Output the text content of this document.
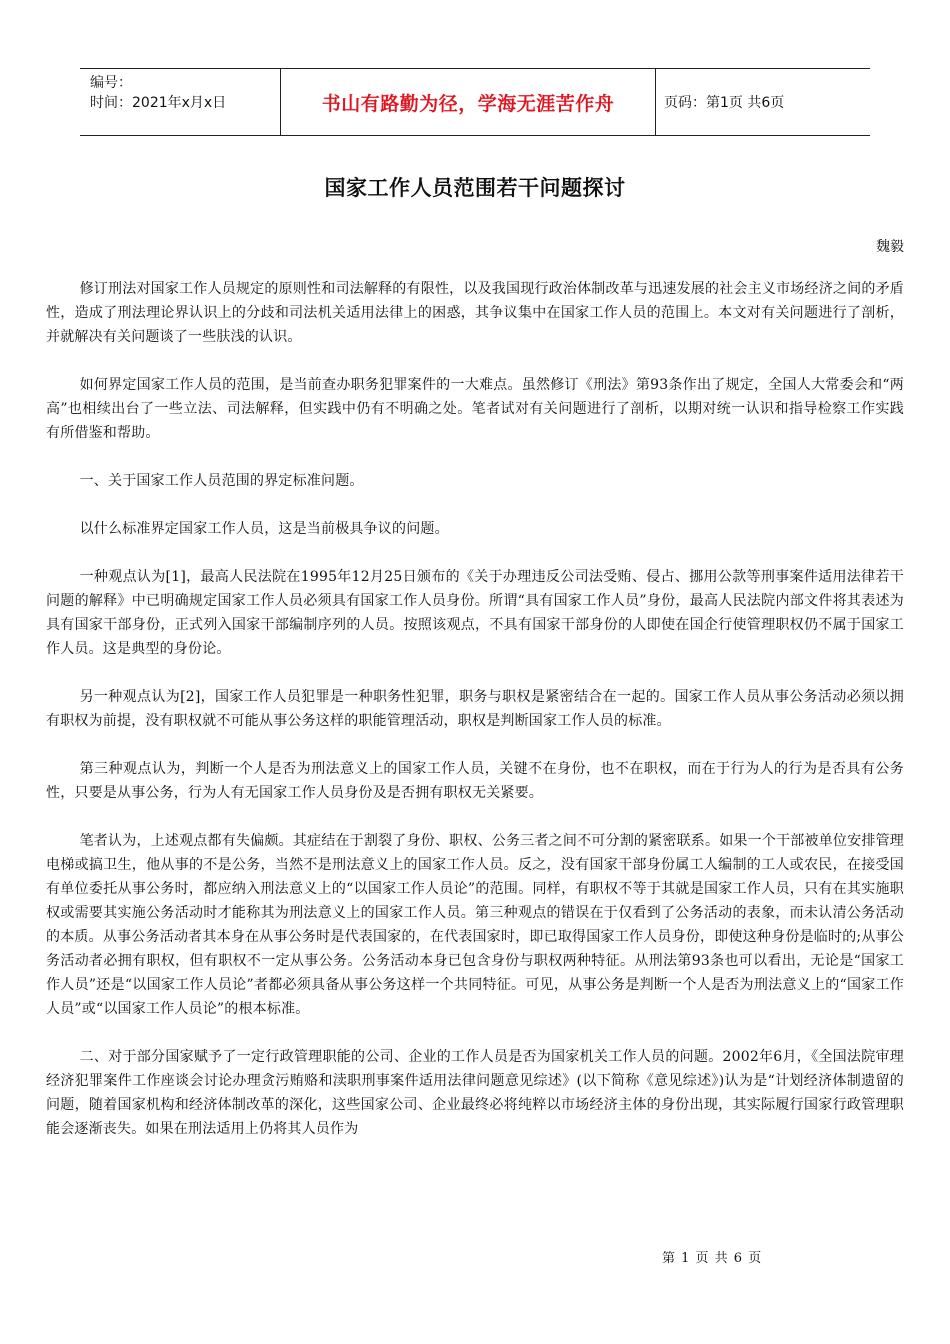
编号：
时间：2021年x月x日	书山有路勤为径，学海无涯苦作舟	页码：第1页 共6页
国家工作人员范围若干问题探讨
魏毅

修订刑法对国家工作人员规定的原则性和司法解释的有限性，以及我国现行政治体制改革与迅速发展的社会主义市场经济之间的矛盾性，造成了刑法理论界认识上的分歧和司法机关适用法律上的困惑，其争议集中在国家工作人员的范围上。本文对有关问题进行了剖析，并就解决有关问题谈了一些肤浅的认识。

如何界定国家工作人员的范围，是当前查办职务犯罪案件的一大难点。虽然修订《刑法》第93条作出了规定，全国人大常委会和“两高”也相续出台了一些立法、司法解释，但实践中仍有不明确之处。笔者试对有关问题进行了剖析，以期对统一认识和指导检察工作实践有所借鉴和帮助。

一、关于国家工作人员范围的界定标准问题。

以什么标准界定国家工作人员，这是当前极具争议的问题。

一种观点认为[1]，最高人民法院在1995年12月25日颁布的《关于办理违反公司法受贿、侵占、挪用公款等刑事案件适用法律若干问题的解释》中已明确规定国家工作人员必须具有国家工作人员身份。所谓“具有国家工作人员”身份，最高人民法院内部文件将其表述为具有国家干部身份，正式列入国家干部编制序列的人员。按照该观点，不具有国家干部身份的人即使在国企行使管理职权仍不属于国家工作人员。这是典型的身份论。

另一种观点认为[2]，国家工作人员犯罪是一种职务性犯罪，职务与职权是紧密结合在一起的。国家工作人员从事公务活动必须以拥有职权为前提，没有职权就不可能从事公务这样的职能管理活动，职权是判断国家工作人员的标准。

第三种观点认为，判断一个人是否为刑法意义上的国家工作人员，关键不在身份，也不在职权，而在于行为人的行为是否具有公务性，只要是从事公务，行为人有无国家工作人员身份及是否拥有职权无关紧要。

笔者认为，上述观点都有失偏颇。其症结在于割裂了身份、职权、公务三者之间不可分割的紧密联系。如果一个干部被单位安排管理电梯或搞卫生，他从事的不是公务，当然不是刑法意义上的国家工作人员。反之，没有国家干部身份属工人编制的工人或农民，在接受国有单位委托从事公务时，都应纳入刑法意义上的“以国家工作人员论”的范围。同样，有职权不等于其就是国家工作人员，只有在其实施职权或需要其实施公务活动时才能称其为刑法意义上的国家工作人员。第三种观点的错误在于仅看到了公务活动的表象，而未认清公务活动的本质。从事公务活动者其本身在从事公务时是代表国家的，在代表国家时，即已取得国家工作人员身份，即使这种身份是临时的;从事公务活动者必拥有职权，但有职权不一定从事公务。公务活动本身已包含身份与职权两种特征。从刑法第93条也可以看出，无论是“国家工作人员”还是“以国家工作人员论”者都必须具备从事公务这样一个共同特征。可见，从事公务是判断一个人是否为刑法意义上的“国家工作人员”或“以国家工作人员论”的根本标准。

二、对于部分国家赋予了一定行政管理职能的公司、企业的工作人员是否为国家机关工作人员的问题。2002年6月，《全国法院审理经济犯罪案件工作座谈会讨论办理贪污贿赂和渎职刑事案件适用法律问题意见综述》(以下简称《意见综述》)认为是“计划经济体制遗留的问题，随着国家机构和经济体制改革的深化，这些国家公司、企业最终必将纯粹以市场经济主体的身份出现，其实际履行国家行政管理职能会逐渐丧失。如果在刑法适用上仍将其人员作为

第 1 页 共 6 页
